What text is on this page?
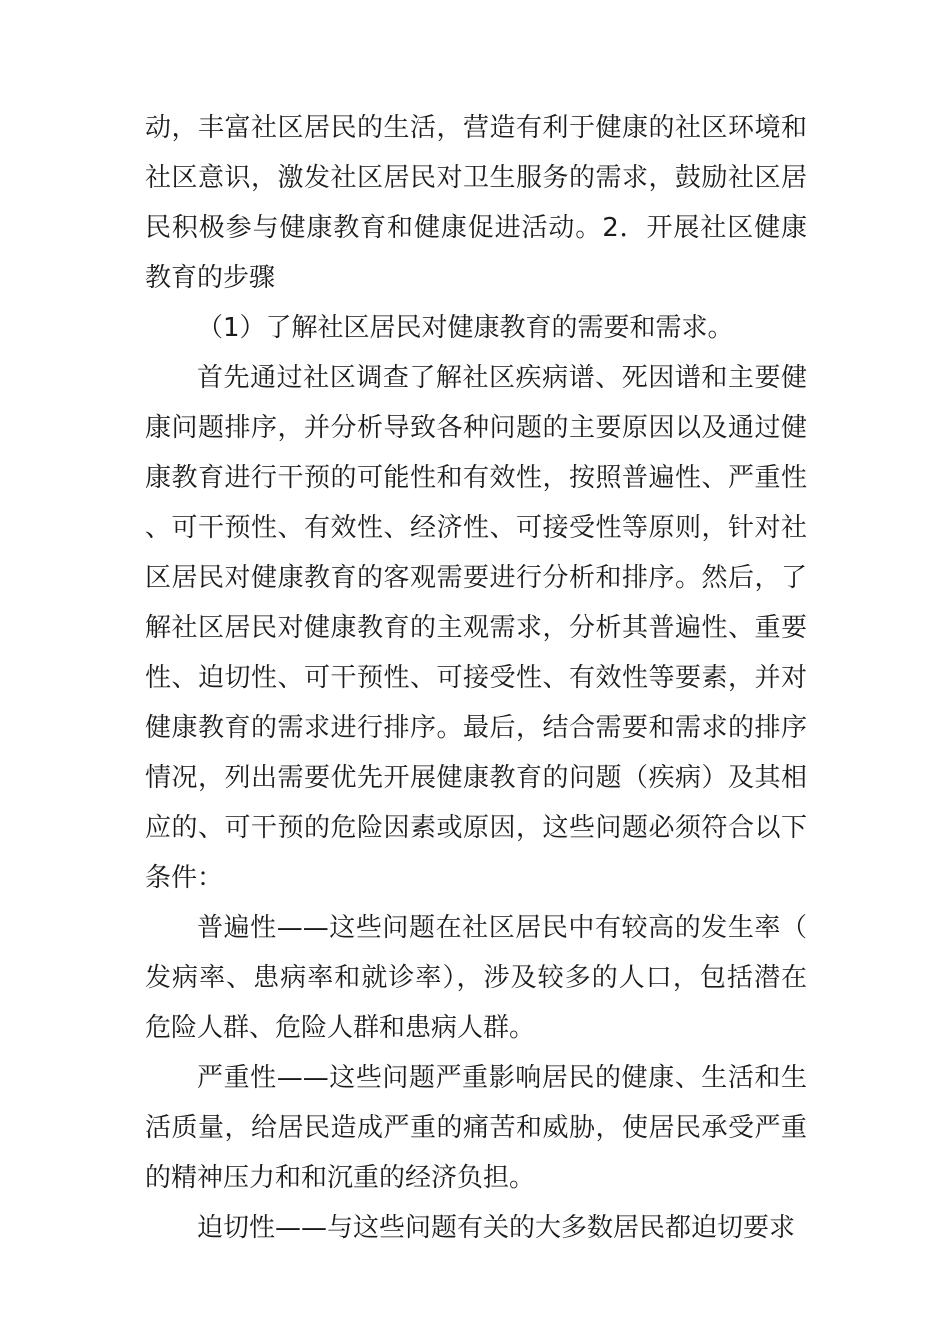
动，丰富社区居民的生活，营造有利于健康的社区环境和社区意识，激发社区居民对卫生服务的需求，鼓励社区居民积极参与健康教育和健康促进活动。2．开展社区健康教育的步骤

（1）了解社区居民对健康教育的需要和需求。

首先通过社区调查了解社区疾病谱、死因谱和主要健康问题排序，并分析导致各种问题的主要原因以及通过健康教育进行干预的可能性和有效性，按照普遍性、严重性、可干预性、有效性、经济性、可接受性等原则，针对社区居民对健康教育的客观需要进行分析和排序。然后，了解社区居民对健康教育的主观需求，分析其普遍性、重要性、迫切性、可干预性、可接受性、有效性等要素，并对健康教育的需求进行排序。最后，结合需要和需求的排序情况，列出需要优先开展健康教育的问题（疾病）及其相应的、可干预的危险因素或原因，这些问题必须符合以下条件：

普遍性——这些问题在社区居民中有较高的发生率（发病率、患病率和就诊率），涉及较多的人口，包括潜在危险人群、危险人群和患病人群。

严重性——这些问题严重影响居民的健康、生活和生活质量，给居民造成严重的痛苦和威胁，使居民承受严重的精神压力和和沉重的经济负担。

迫切性——与这些问题有关的大多数居民都迫切要求
